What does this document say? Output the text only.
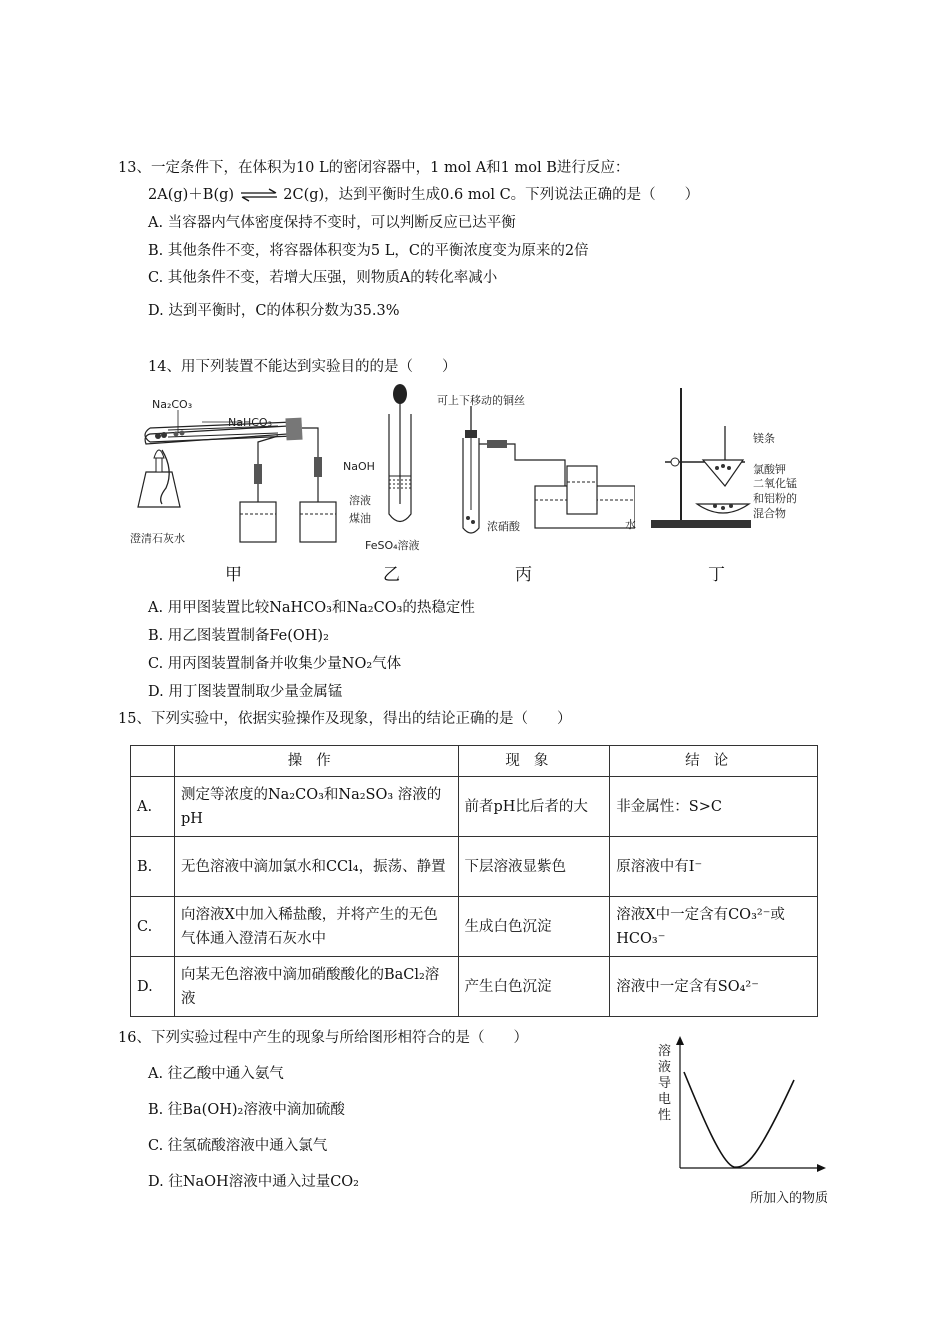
13、一定条件下，在体积为10 L的密闭容器中，1 mol A和1 mol B进行反应：
2A(g)＋B(g) ⇌ 2C(g)，达到平衡时生成0.6 mol C。下列说法正确的是（　　）
A. 当容器内气体密度保持不变时，可以判断反应已达平衡
B. 其他条件不变，将容器体积变为5 L，C的平衡浓度变为原来的2倍
C. 其他条件不变，若增大压强，则物质A的转化率减小
D. 达到平衡时，C的体积分数为35.3%
14、用下列装置不能达到实验目的的是（　　）
Na₂CO₃
NaHCO₃
澄清石灰水
NaOH
溶液
煤油
FeSO₄溶液
可上下移动的铜丝
浓硝酸	水
镁条
氯酸钾
二氧化锰
和铝粉的
混合物
甲	乙	丙	丁
A. 用甲图装置比较NaHCO₃和Na₂CO₃的热稳定性
B. 用乙图装置制备Fe(OH)₂
C. 用丙图装置制备并收集少量NO₂气体
D. 用丁图装置制取少量金属锰
15、下列实验中，依据实验操作及现象，得出的结论正确的是（　　）
	操作	现象	结论
A.	测定等浓度的Na₂CO₃和Na₂SO₃ 溶液的pH	前者pH比后者的大	非金属性：S>C
B.	无色溶液中滴加氯水和CCl₄，振荡、静置	下层溶液显紫色	原溶液中有I⁻
C.	向溶液X中加入稀盐酸，并将产生的无色气体通入澄清石灰水中	生成白色沉淀	溶液X中一定含有CO₃²⁻或HCO₃⁻
D.	向某无色溶液中滴加硝酸酸化的BaCl₂溶液	产生白色沉淀	溶液中一定含有SO₄²⁻
16、下列实验过程中产生的现象与所给图形相符合的是（　　）
A. 往乙酸中通入氨气
B. 往Ba(OH)₂溶液中滴加硫酸
C. 往氢硫酸溶液中通入氯气
D. 往NaOH溶液中通入过量CO₂
溶液导电性
所加入的物质
